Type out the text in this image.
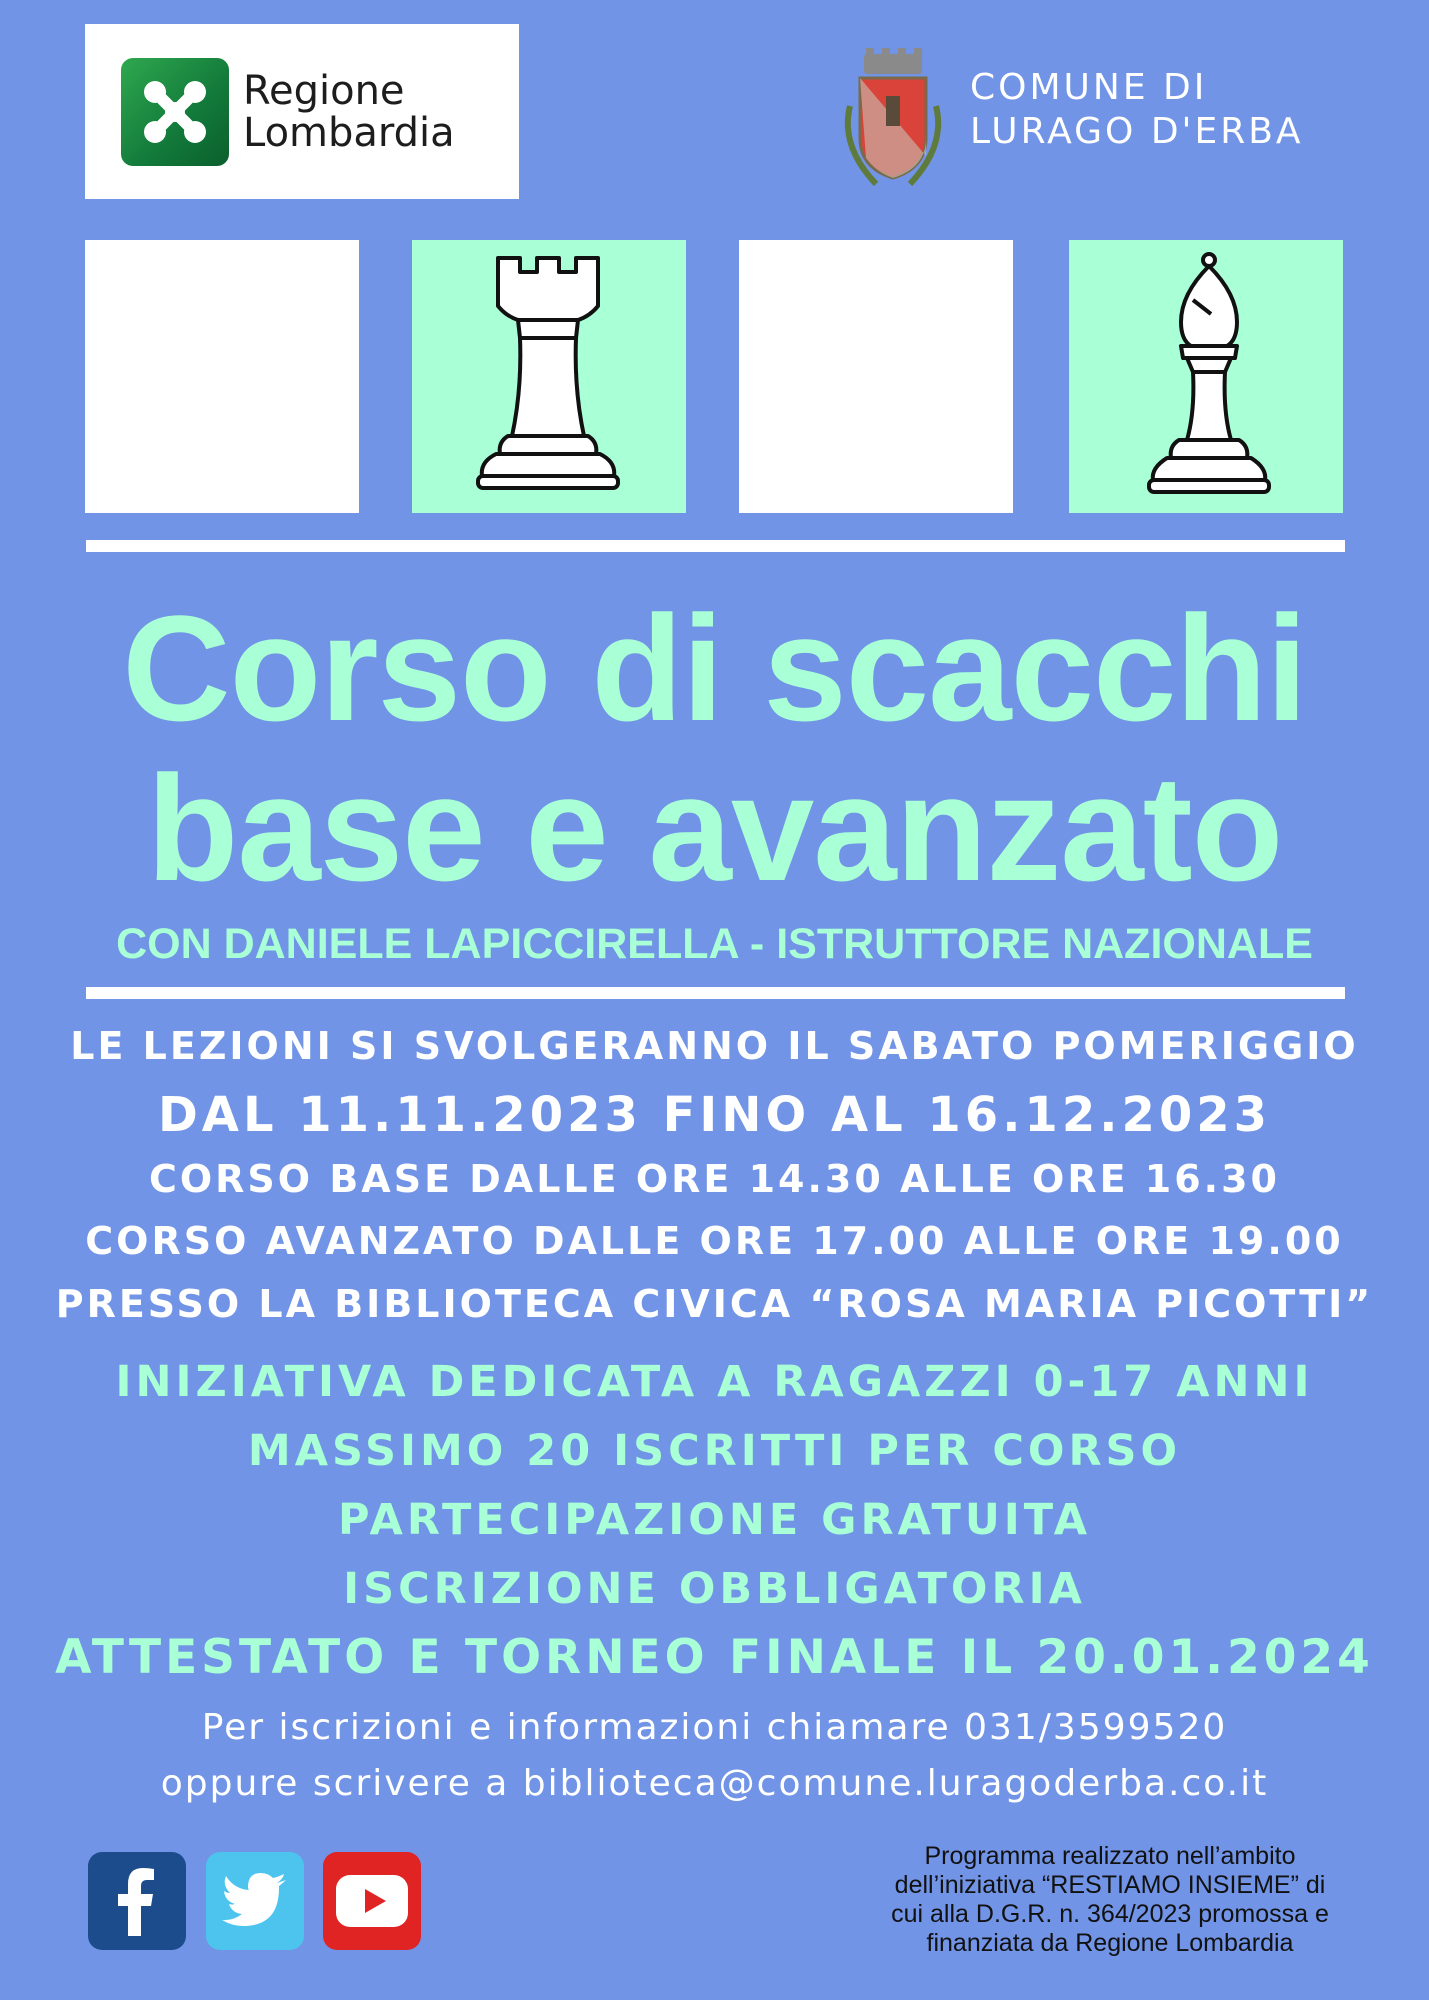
Regione
Lombardia
COMUNE DI
LURAGO D'ERBA
Corso di scacchi
base e avanzato
CON DANIELE LAPICCIRELLA - ISTRUTTORE NAZIONALE
LE LEZIONI SI SVOLGERANNO IL SABATO POMERIGGIO
DAL 11.11.2023 FINO AL 16.12.2023
CORSO BASE DALLE ORE 14.30 ALLE ORE 16.30
CORSO AVANZATO DALLE ORE 17.00 ALLE ORE 19.00
PRESSO LA BIBLIOTECA CIVICA “ROSA MARIA PICOTTI”
INIZIATIVA DEDICATA A RAGAZZI 0-17 ANNI
MASSIMO 20 ISCRITTI PER CORSO
PARTECIPAZIONE GRATUITA
ISCRIZIONE OBBLIGATORIA
ATTESTATO E TORNEO FINALE IL 20.01.2024
Per iscrizioni e informazioni chiamare 031/3599520
oppure scrivere a biblioteca@comune.luragoderba.co.it
Programma realizzato nell’ambito
dell’iniziativa “RESTIAMO INSIEME” di
cui alla D.G.R. n. 364/2023 promossa e
finanziata da Regione Lombardia
